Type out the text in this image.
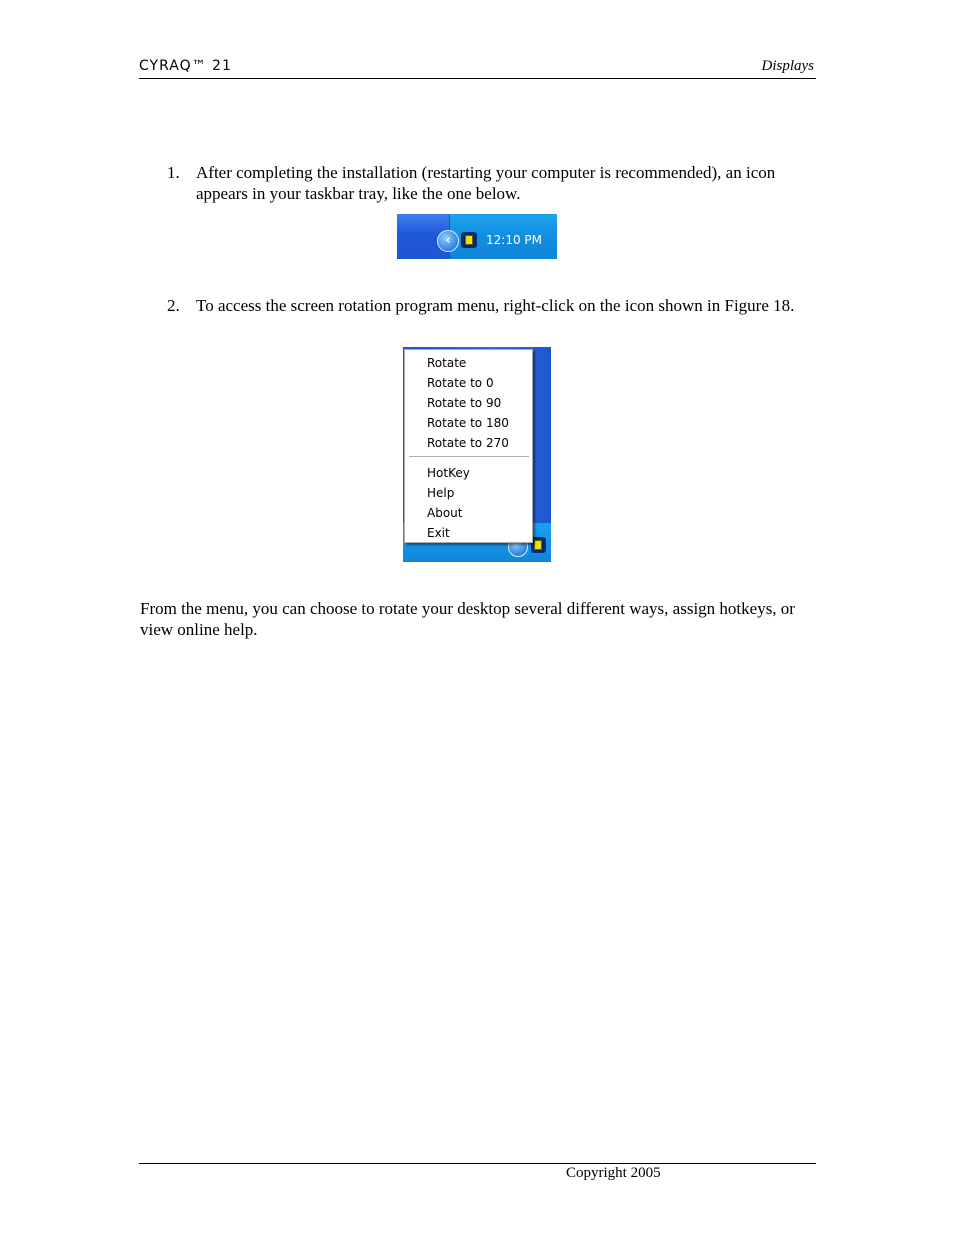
CYRAQ™ 21	Displays
1. After completing the installation (restarting your computer is recommended), an icon appears in your taskbar tray, like the one below.
‹	12:10 PM
2. To access the screen rotation program menu, right-click on the icon shown in Figure 18.
Rotate
Rotate to 0
Rotate to 90
Rotate to 180
Rotate to 270
HotKey
Help
About
Exit
From the menu, you can choose to rotate your desktop several different ways, assign hotkeys, or view online help.
Copyright 2005
